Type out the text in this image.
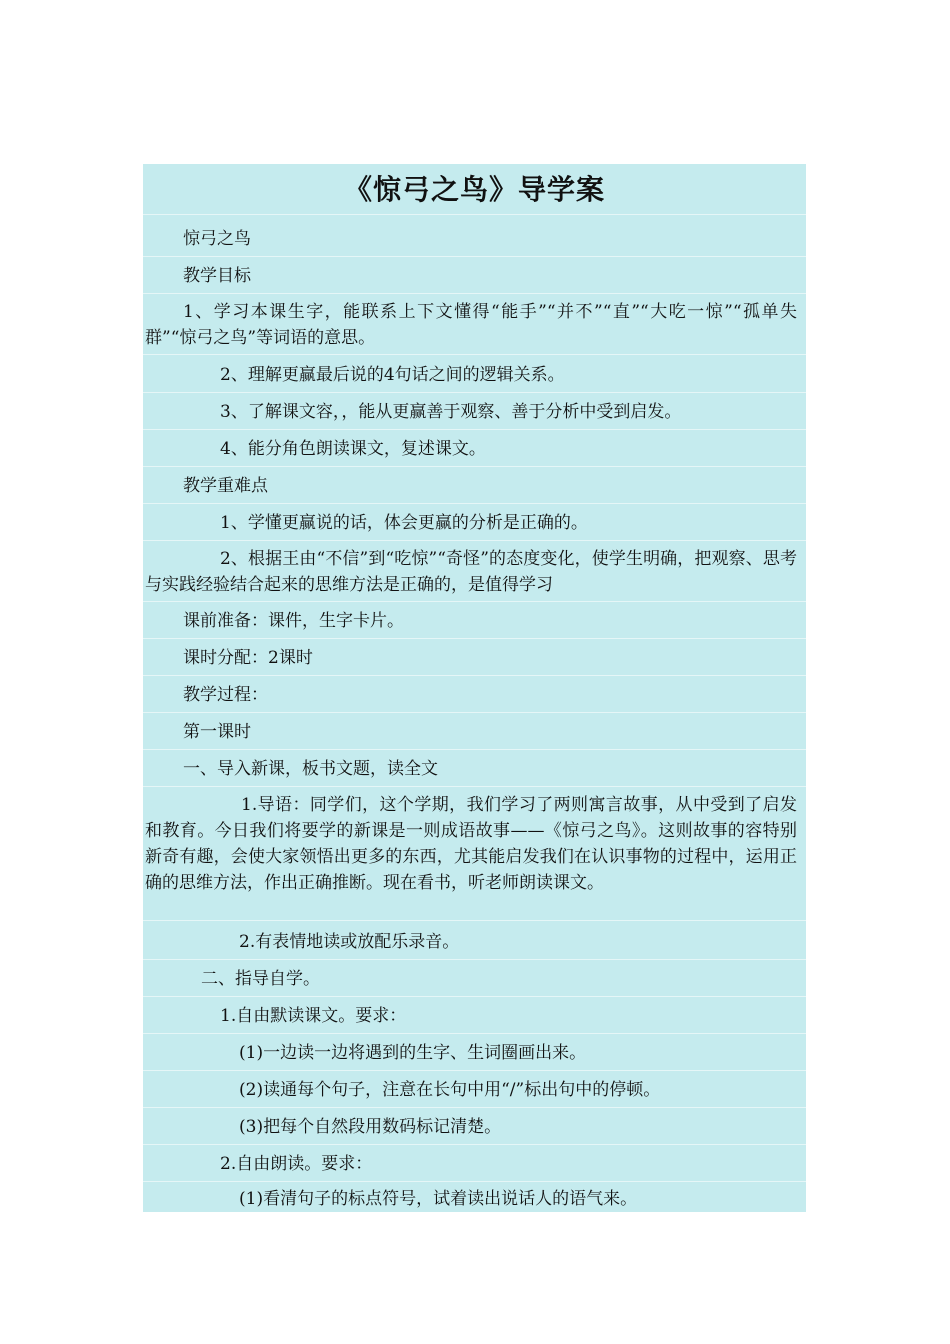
《惊弓之鸟》导学案
惊弓之鸟
教学目标
1、学习本课生字，能联系上下文懂得“能手”“并不”“直”“大吃一惊”“孤单失群”“惊弓之鸟”等词语的意思。
2、理解更赢最后说的4句话之间的逻辑关系。
3、了解课文容，，能从更赢善于观察、善于分析中受到启发。
4、能分角色朗读课文，复述课文。
教学重难点
1、学懂更赢说的话，体会更赢的分析是正确的。
2、根据王由“不信”到“吃惊”“奇怪”的态度变化，使学生明确，把观察、思考与实践经验结合起来的思维方法是正确的，是值得学习
课前准备：课件，生字卡片。
课时分配：2课时
教学过程：
第一课时
一、导入新课，板书文题，读全文
1.导语：同学们，这个学期，我们学习了两则寓言故事，从中受到了启发和教育。今日我们将要学的新课是一则成语故事——《惊弓之鸟》。这则故事的容特别新奇有趣，会使大家领悟出更多的东西，尤其能启发我们在认识事物的过程中，运用正确的思维方法，作出正确推断。现在看书，听老师朗读课文。
2.有表情地读或放配乐录音。
二、指导自学。
1.自由默读课文。要求：
(1)一边读一边将遇到的生字、生词圈画出来。
(2)读通每个句子，注意在长句中用“/”标出句中的停顿。
(3)把每个自然段用数码标记清楚。
2.自由朗读。要求：
(1)看清句子的标点符号，试着读出说话人的语气来。
